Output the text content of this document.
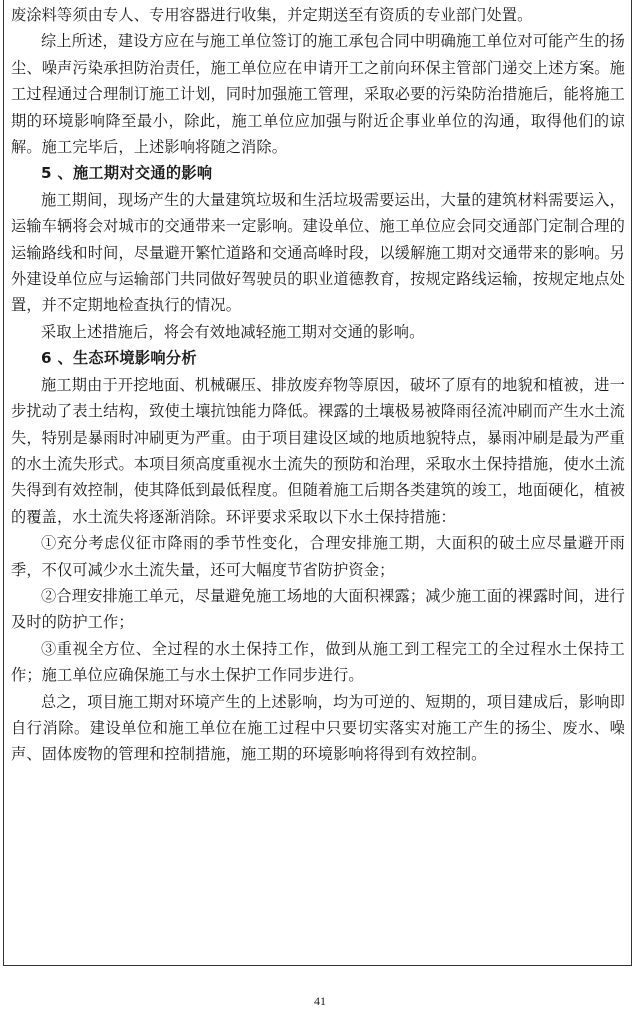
废涂料等须由专人、专用容器进行收集，并定期送至有资质的专业部门处置。

综上所述，建设方应在与施工单位签订的施工承包合同中明确施工单位对可能产生的扬尘、噪声污染承担防治责任，施工单位应在申请开工之前向环保主管部门递交上述方案。施工过程通过合理制订施工计划，同时加强施工管理，采取必要的污染防治措施后，能将施工期的环境影响降至最小，除此，施工单位应加强与附近企事业单位的沟通，取得他们的谅解。施工完毕后，上述影响将随之消除。

5 、施工期对交通的影响

施工期间，现场产生的大量建筑垃圾和生活垃圾需要运出，大量的建筑材料需要运入，运输车辆将会对城市的交通带来一定影响。建设单位、施工单位应会同交通部门定制合理的运输路线和时间，尽量避开繁忙道路和交通高峰时段，以缓解施工期对交通带来的影响。另外建设单位应与运输部门共同做好驾驶员的职业道德教育，按规定路线运输，按规定地点处置，并不定期地检查执行的情况。

采取上述措施后，将会有效地减轻施工期对交通的影响。

6 、生态环境影响分析

施工期由于开挖地面、机械碾压、排放废弃物等原因，破坏了原有的地貌和植被，进一步扰动了表土结构，致使土壤抗蚀能力降低。裸露的土壤极易被降雨径流冲刷而产生水土流失，特别是暴雨时冲刷更为严重。由于项目建设区域的地质地貌特点，暴雨冲刷是最为严重的水土流失形式。本项目须高度重视水土流失的预防和治理，采取水土保持措施，使水土流失得到有效控制，使其降低到最低程度。但随着施工后期各类建筑的竣工，地面硬化，植被的覆盖，水土流失将逐渐消除。环评要求采取以下水土保持措施：

①充分考虑仪征市降雨的季节性变化，合理安排施工期，大面积的破土应尽量避开雨季，不仅可减少水土流失量，还可大幅度节省防护资金；

②合理安排施工单元，尽量避免施工场地的大面积裸露；减少施工面的裸露时间，进行及时的防护工作；

③重视全方位、全过程的水土保持工作，做到从施工到工程完工的全过程水土保持工作；施工单位应确保施工与水土保护工作同步进行。

总之，项目施工期对环境产生的上述影响，均为可逆的、短期的，项目建成后，影响即自行消除。建设单位和施工单位在施工过程中只要切实落实对施工产生的扬尘、废水、噪声、固体废物的管理和控制措施，施工期的环境影响将得到有效控制。

41
